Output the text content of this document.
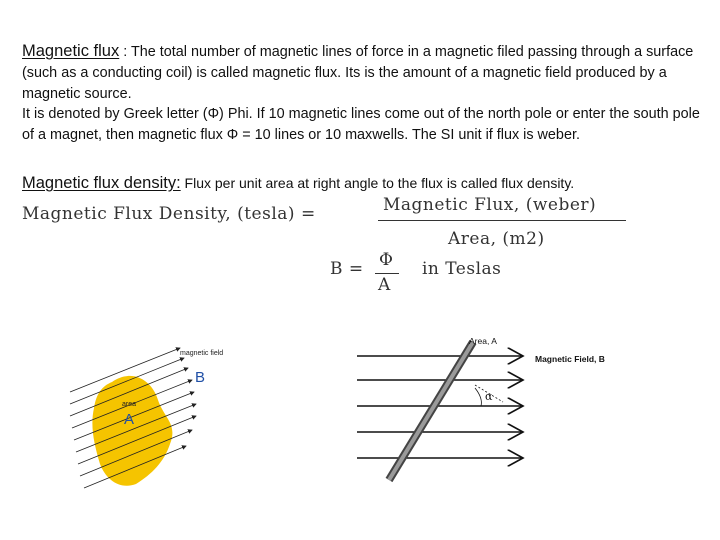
Magnetic flux : The total number of magnetic lines of force in a magnetic filed passing through a surface (such as a conducting coil) is called magnetic flux. Its is the amount of a magnetic field produced by a magnetic source.
It is denoted by Greek letter (Φ) Phi. If 10 magnetic lines come out of the north pole or enter the south pole of a magnet, then magnetic flux Φ = 10 lines or 10 maxwells. The SI unit if flux is weber.
Magnetic flux density: Flux per unit area at right angle to the flux is called flux density.
Magnetic Flux Density, (tesla) =	Magnetic Flux, (weber)
Area, (m2)
B = Φ
A
in Teslas
magnetic field
B
area
A
α
Area, A
Magnetic Field, B
